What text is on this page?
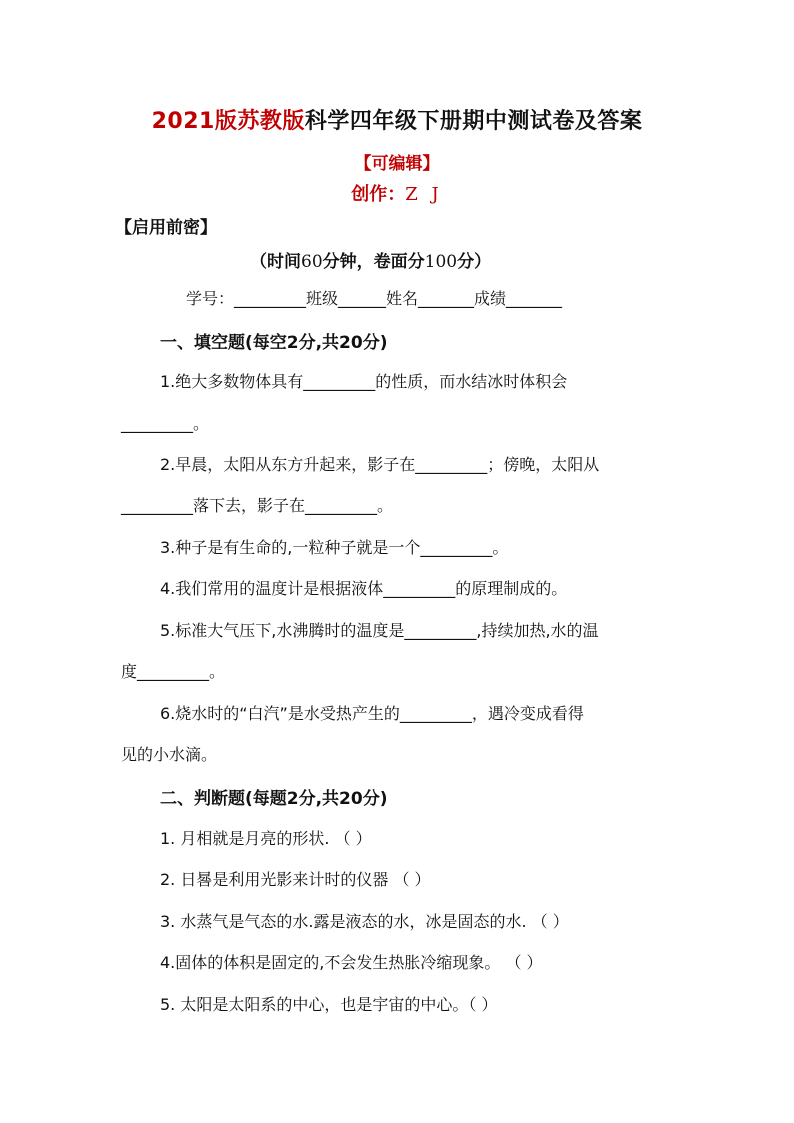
2021版苏教版科学四年级下册期中测试卷及答案
【可编辑】
创作：Z J
【启用前密】
（时间60分钟，卷面分100分）
学号：_________班级______姓名_______成绩_______
一、填空题(每空2分,共20分)
1.绝大多数物体具有_________的性质，而水结冰时体积会
_________。
2.早晨，太阳从东方升起来，影子在_________；傍晚，太阳从
_________落下去，影子在_________。
3.种子是有生命的,一粒种子就是一个_________。
4.我们常用的温度计是根据液体_________的原理制成的。
5.标准大气压下,水沸腾时的温度是_________,持续加热,水的温
度_________。
6.烧水时的“白汽”是水受热产生的_________，遇冷变成看得
见的小水滴。
二、判断题(每题2分,共20分)
1. 月相就是月亮的形状. （ ）
2. 日晷是利用光影来计时的仪器 （ ）
3. 水蒸气是气态的水.露是液态的水，冰是固态的水. （ ）
4.固体的体积是固定的,不会发生热胀冷缩现象。 （ ）
5. 太阳是太阳系的中心，也是宇宙的中心。（ ）
